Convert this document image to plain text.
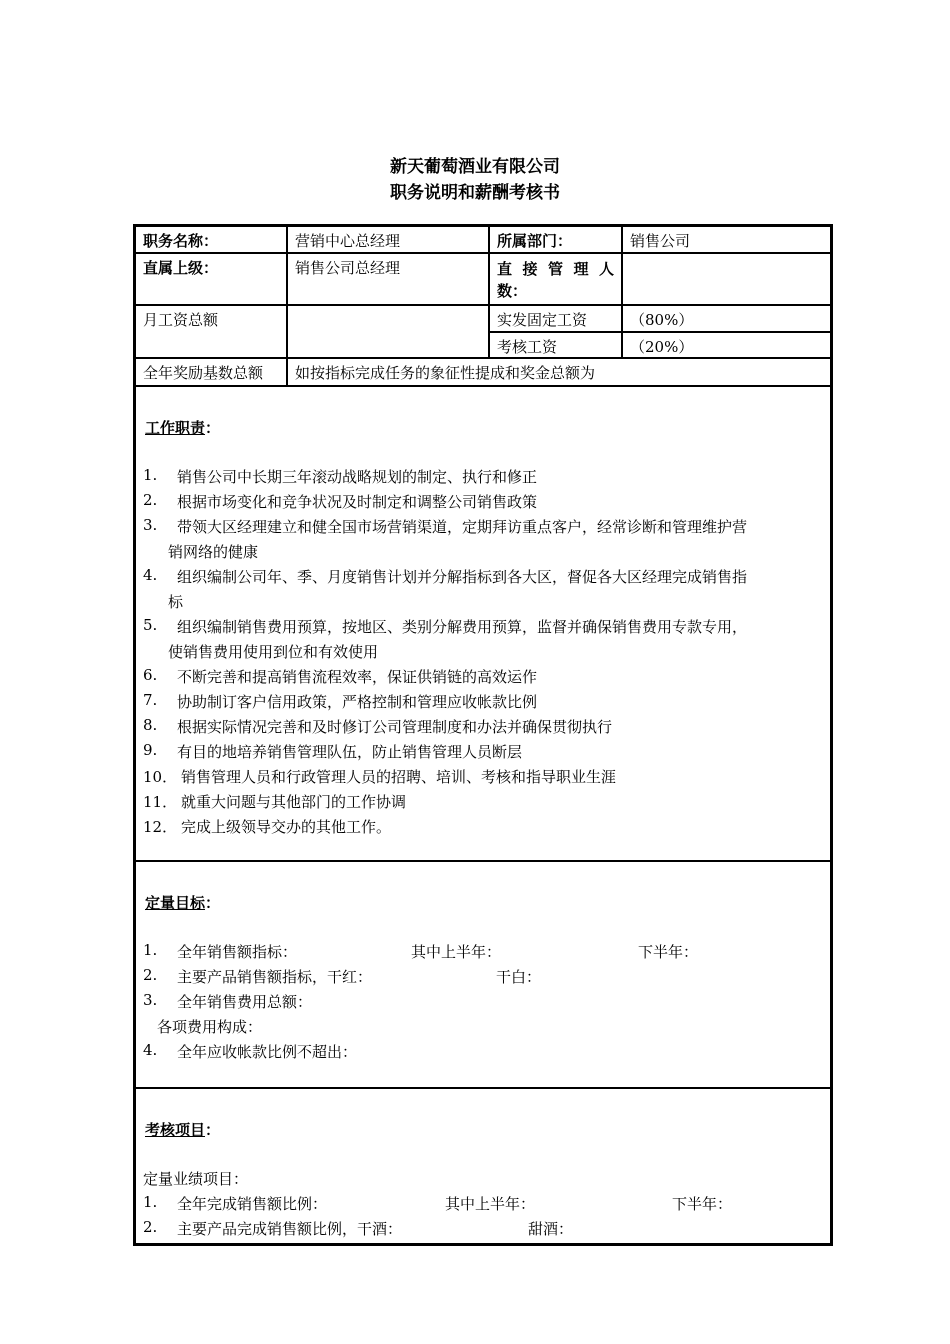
新天葡萄酒业有限公司
职务说明和薪酬考核书
职务名称：	营销中心总经理	所属部门：	销售公司
直属上级：	销售公司总经理	直接管理人
数：
月工资总额	实发固定工资	（80%）
考核工资	（20%）
全年奖励基数总额	如按指标完成任务的象征性提成和奖金总额为
工作职责：
1. 销售公司中长期三年滚动战略规划的制定、执行和修正
2. 根据市场变化和竞争状况及时制定和调整公司销售政策
3. 带领大区经理建立和健全国市场营销渠道，定期拜访重点客户，经常诊断和管理维护营
销网络的健康
4. 组织编制公司年、季、月度销售计划并分解指标到各大区，督促各大区经理完成销售指
标
5. 组织编制销售费用预算，按地区、类别分解费用预算，监督并确保销售费用专款专用，
使销售费用使用到位和有效使用
6. 不断完善和提高销售流程效率，保证供销链的高效运作
7. 协助制订客户信用政策，严格控制和管理应收帐款比例
8. 根据实际情况完善和及时修订公司管理制度和办法并确保贯彻执行
9. 有目的地培养销售管理队伍，防止销售管理人员断层
10． 销售管理人员和行政管理人员的招聘、培训、考核和指导职业生涯
11． 就重大问题与其他部门的工作协调
12． 完成上级领导交办的其他工作。
定量目标：
1. 全年销售额指标：	其中上半年：	下半年：
2. 主要产品销售额指标，干红：	干白：
3. 全年销售费用总额：
各项费用构成：
4. 全年应收帐款比例不超出：
考核项目：
定量业绩项目：
1. 全年完成销售额比例：	其中上半年：	下半年：
2. 主要产品完成销售额比例，干酒：	甜酒：
